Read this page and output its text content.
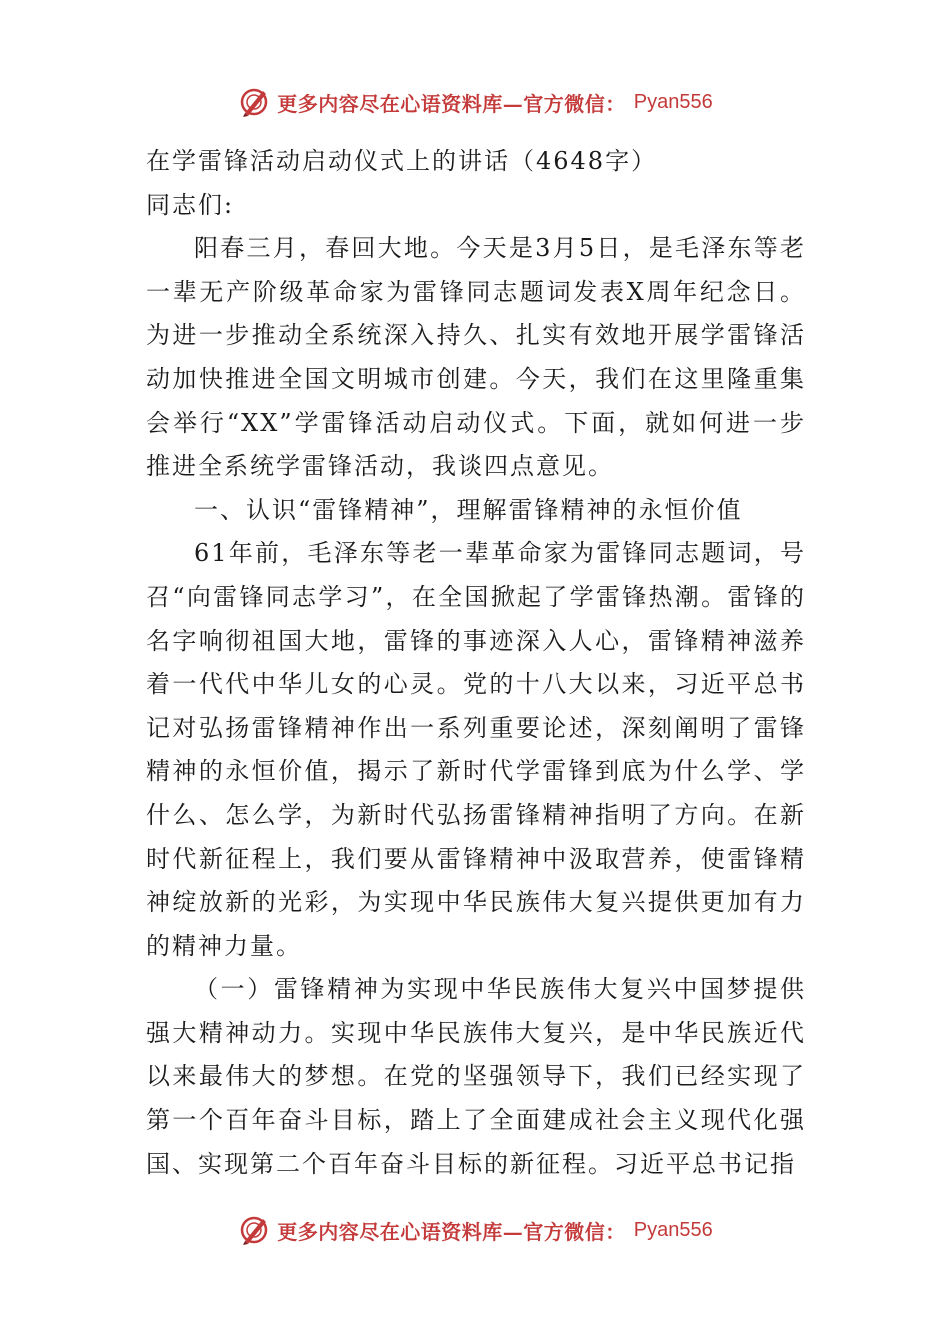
更多内容尽在心语资料库—官方微信： Pyan556

在学雷锋活动启动仪式上的讲话（4648字）

同志们:

阳春三月，春回大地。今天是3月5日，是毛泽东等老一辈无产阶级革命家为雷锋同志题词发表X周年纪念日。为进一步推动全系统深入持久、扎实有效地开展学雷锋活动加快推进全国文明城市创建。今天，我们在这里隆重集会举行“XX”学雷锋活动启动仪式。下面，就如何进一步推进全系统学雷锋活动，我谈四点意见。

一、认识“雷锋精神”，理解雷锋精神的永恒价值

61年前，毛泽东等老一辈革命家为雷锋同志题词，号召“向雷锋同志学习”，在全国掀起了学雷锋热潮。雷锋的名字响彻祖国大地，雷锋的事迹深入人心，雷锋精神滋养着一代代中华儿女的心灵。党的十八大以来，习近平总书记对弘扬雷锋精神作出一系列重要论述，深刻阐明了雷锋精神的永恒价值，揭示了新时代学雷锋到底为什么学、学什么、怎么学，为新时代弘扬雷锋精神指明了方向。在新时代新征程上，我们要从雷锋精神中汲取营养，使雷锋精神绽放新的光彩，为实现中华民族伟大复兴提供更加有力的精神力量。

（一）雷锋精神为实现中华民族伟大复兴中国梦提供强大精神动力。实现中华民族伟大复兴，是中华民族近代以来最伟大的梦想。在党的坚强领导下，我们已经实现了第一个百年奋斗目标，踏上了全面建成社会主义现代化强国、实现第二个百年奋斗目标的新征程。习近平总书记指

更多内容尽在心语资料库—官方微信： Pyan556
